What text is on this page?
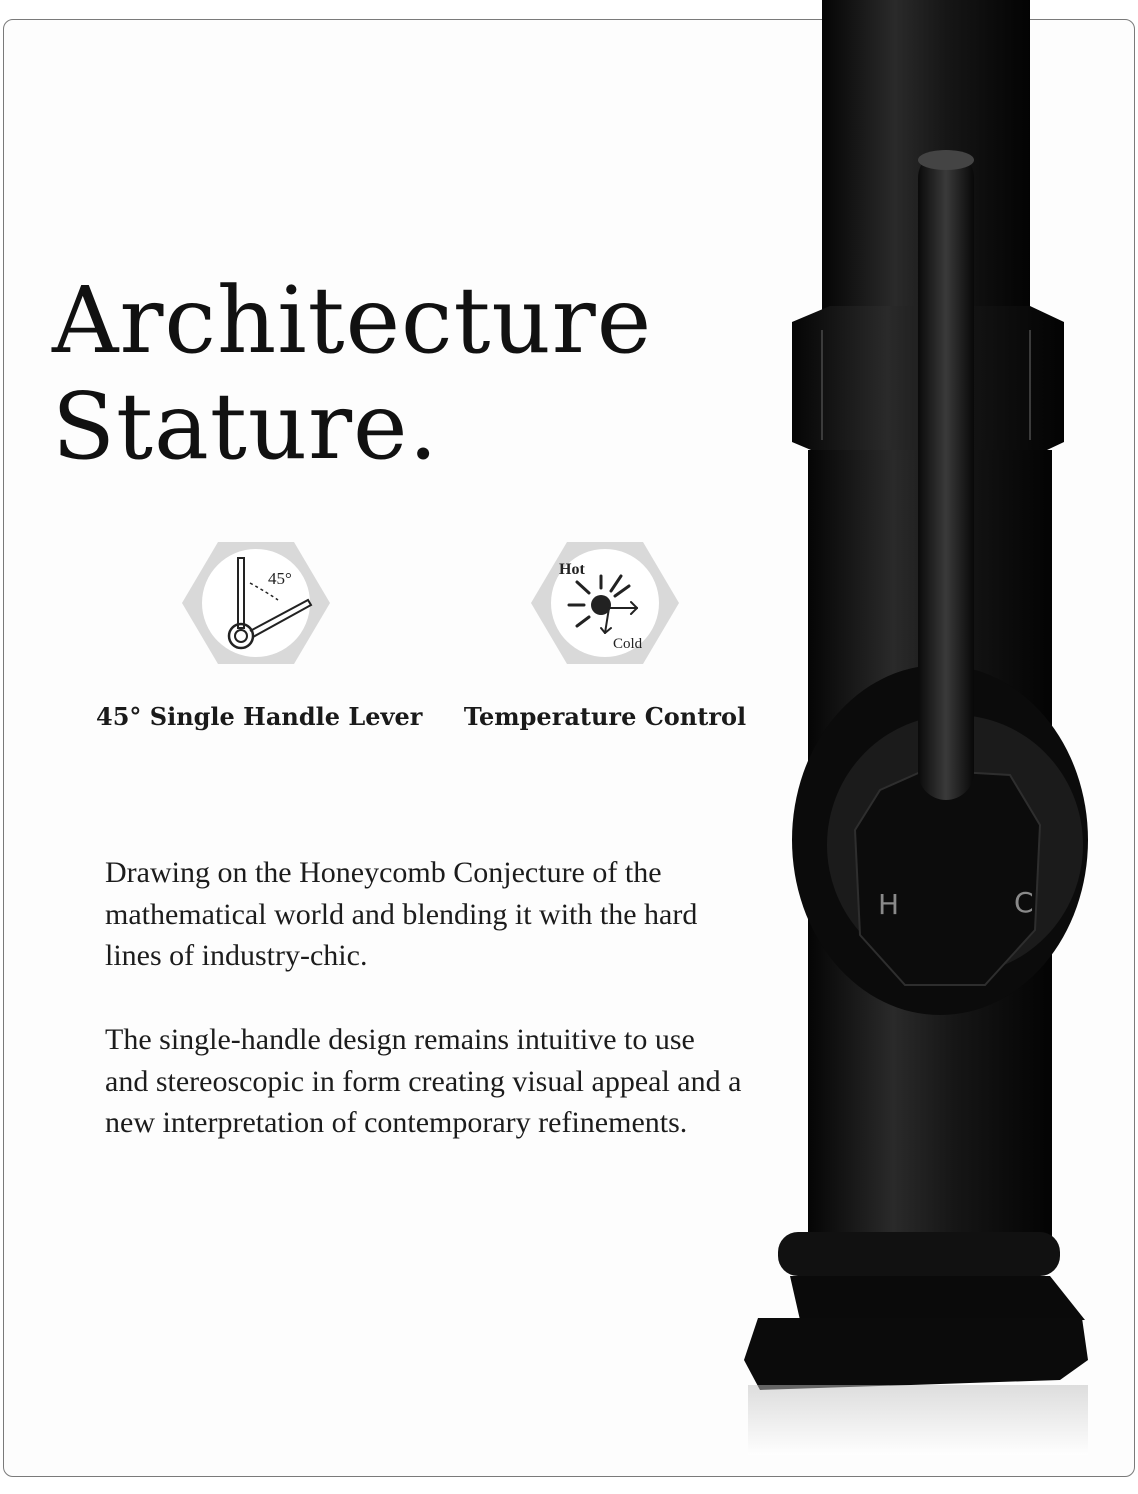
H	C
Architecture
Stature.
45°
45° Single Handle Lever
Hot
Cold
Temperature Control

Drawing on the Honeycomb Conjecture of the mathematical world and blending it with the hard lines of industry-chic.

The single-handle design remains intuitive to use and stereoscopic in form creating visual appeal and a new interpretation of contemporary refinements.
